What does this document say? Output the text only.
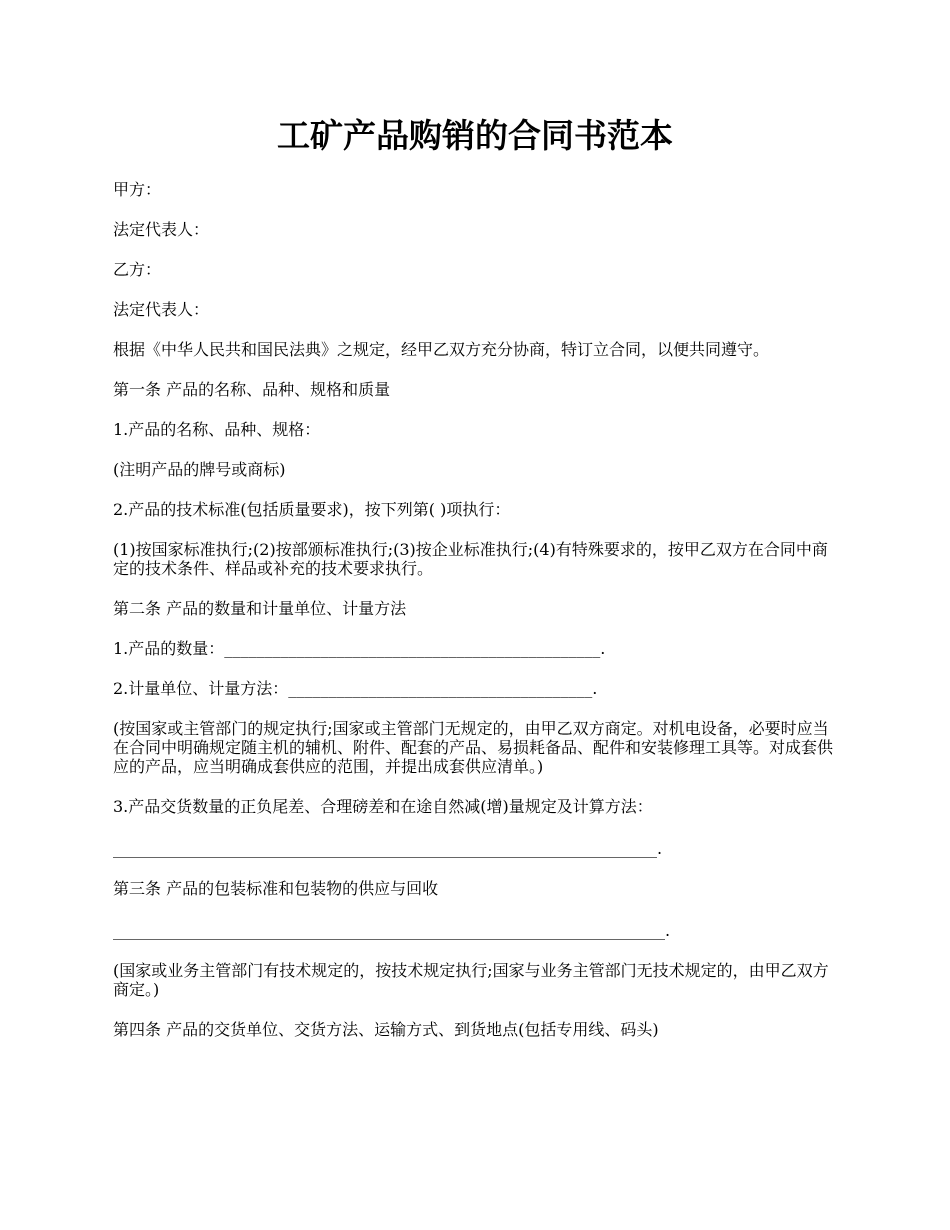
工矿产品购销的合同书范本

甲方：

法定代表人：

乙方：

法定代表人：

根据《中华人民共和国民法典》之规定，经甲乙双方充分协商，特订立合同，以便共同遵守。

第一条 产品的名称、品种、规格和质量

1.产品的名称、品种、规格：

(注明产品的牌号或商标)

2.产品的技术标准(包括质量要求)，按下列第( )项执行：

(1)按国家标准执行;(2)按部颁标准执行;(3)按企业标准执行;(4)有特殊要求的，按甲乙双方在合同中商定的技术条件、样品或补充的技术要求执行。

第二条 产品的数量和计量单位、计量方法

1.产品的数量：_______________________________________________.

2.计量单位、计量方法：______________________________________.

(按国家或主管部门的规定执行;国家或主管部门无规定的，由甲乙双方商定。对机电设备，必要时应当在合同中明确规定随主机的辅机、附件、配套的产品、易损耗备品、配件和安装修理工具等。对成套供应的产品，应当明确成套供应的范围，并提出成套供应清单。)

3.产品交货数量的正负尾差、合理磅差和在途自然减(增)量规定及计算方法：

____________________________________________________________________.

第三条 产品的包装标准和包装物的供应与回收

_____________________________________________________________________.

(国家或业务主管部门有技术规定的，按技术规定执行;国家与业务主管部门无技术规定的，由甲乙双方商定。)

第四条 产品的交货单位、交货方法、运输方式、到货地点(包括专用线、码头)
